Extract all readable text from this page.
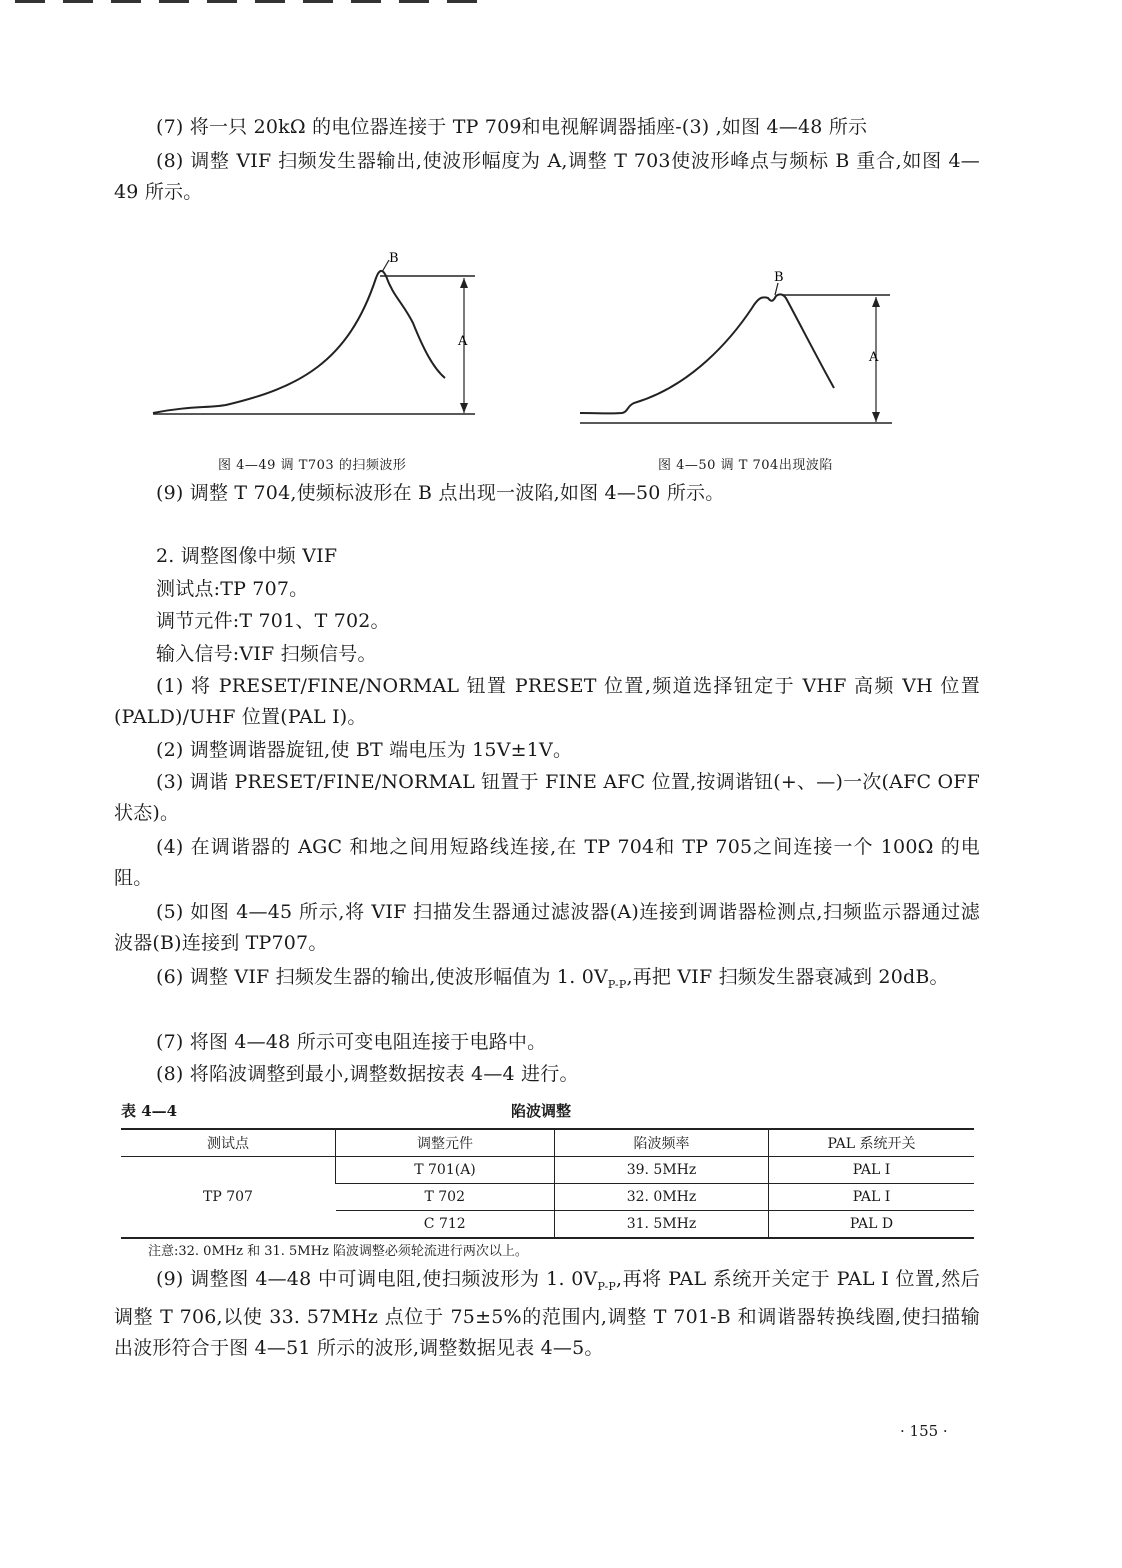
(7) 将一只 20kΩ 的电位器连接于 TP 709和电视解调器插座-(3) ,如图 4—48 所示
(8) 调整 VIF 扫频发生器输出,使波形幅度为 A,调整 T 703使波形峰点与频标 B 重合,如图 4—49 所示。
B
A
图 4—49 调 T703 的扫频波形
B
A
图 4—50 调 T 704出现波陷
(9) 调整 T 704,使频标波形在 B 点出现一波陷,如图 4—50 所示。
2. 调整图像中频 VIF
测试点:TP 707。
调节元件:T 701、T 702。
输入信号:VIF 扫频信号。
(1) 将 PRESET/FINE/NORMAL 钮置 PRESET 位置,频道选择钮定于 VHF 高频 VH 位置(PALD)/UHF 位置(PAL I)。
(2) 调整调谐器旋钮,使 BT 端电压为 15V±1V。
(3) 调谐 PRESET/FINE/NORMAL 钮置于 FINE AFC 位置,按调谐钮(+、—)一次(AFC OFF 状态)。
(4) 在调谐器的 AGC 和地之间用短路线连接,在 TP 704和 TP 705之间连接一个 100Ω 的电阻。
(5) 如图 4—45 所示,将 VIF 扫描发生器通过滤波器(A)连接到调谐器检测点,扫频监示器通过滤波器(B)连接到 TP707。
(6) 调整 VIF 扫频发生器的输出,使波形幅值为 1. $0V_{P-P}$,再把 VIF 扫频发生器衰减到 20dB。
(7) 将图 4—48 所示可变电阻连接于电路中。
(8) 将陷波调整到最小,调整数据按表 4—4 进行。
表 4—4	陷波调整
测试点	调整元件	陷波频率	PAL 系统开关
TP 707	T 701(A)	39. 5MHz	PAL I
	T 702	32. 0MHz	PAL I
	C 712	31. 5MHz	PAL D
注意:32. 0MHz 和 31. 5MHz 陷波调整必须轮流进行两次以上。
(9) 调整图 4—48 中可调电阻,使扫频波形为 1. $0V_{P-P}$,再将 PAL 系统开关定于 PAL I 位置,然后调整 T 706,以使 33. 57MHz 点位于 75±5%的范围内,调整 T 701-B 和调谐器转换线圈,使扫描输出波形符合于图 4—51 所示的波形,调整数据见表 4—5。
· 155 ·
